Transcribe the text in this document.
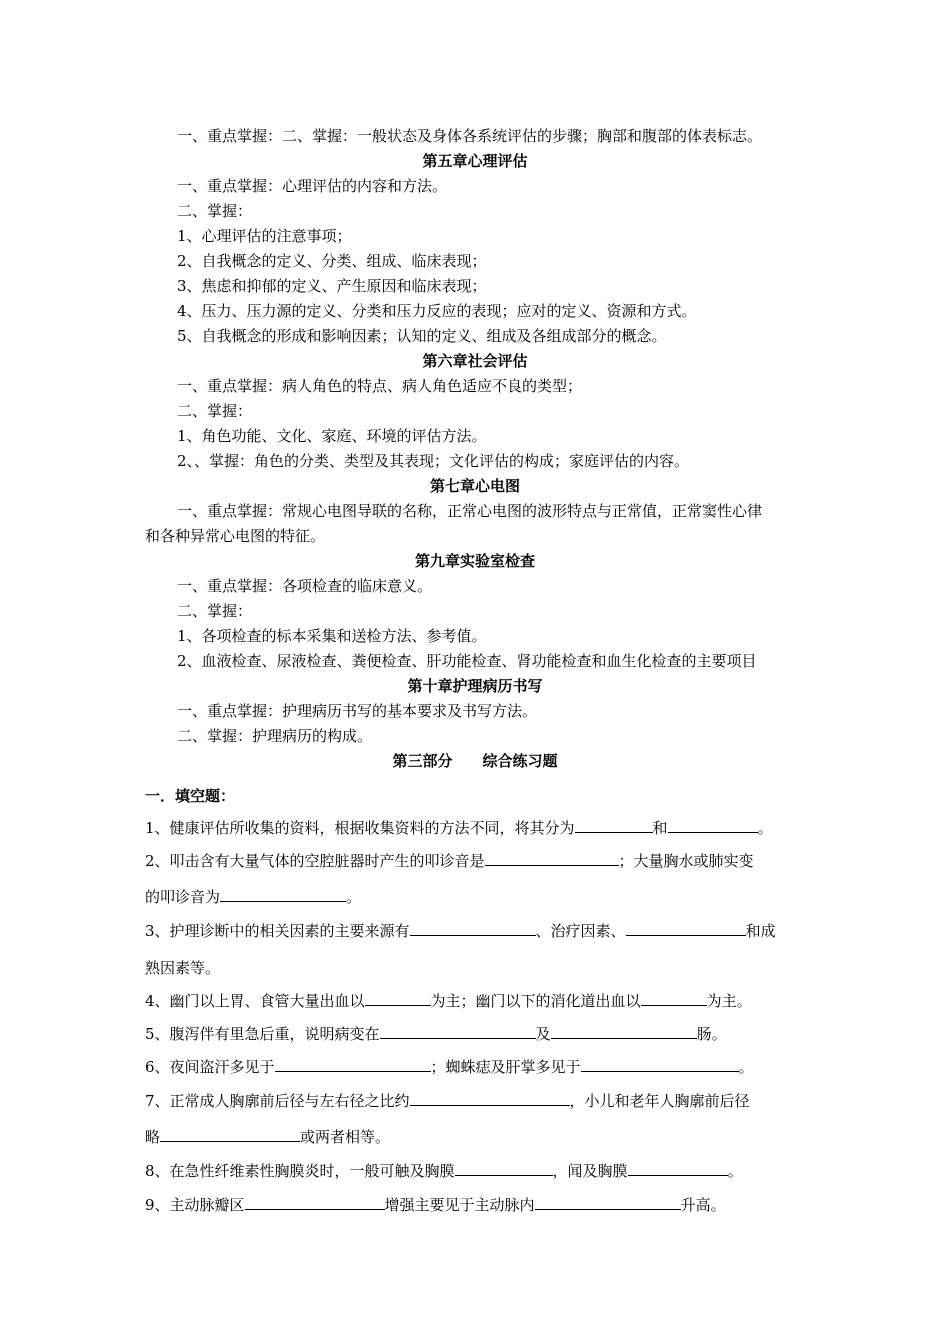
一、重点掌握：二、掌握：一般状态及身体各系统评估的步骤；胸部和腹部的体表标志。
第五章心理评估
一、重点掌握：心理评估的内容和方法。
二、掌握：
1、心理评估的注意事项；
2、自我概念的定义、分类、组成、临床表现；
3、焦虑和抑郁的定义、产生原因和临床表现；
4、压力、压力源的定义、分类和压力反应的表现；应对的定义、资源和方式。
5、自我概念的形成和影响因素；认知的定义、组成及各组成部分的概念。
第六章社会评估
一、重点掌握：病人角色的特点、病人角色适应不良的类型；
二、掌握：
1、角色功能、文化、家庭、环境的评估方法。
2、、掌握：角色的分类、类型及其表现；文化评估的构成；家庭评估的内容。
第七章心电图
一、重点掌握：常规心电图导联的名称，正常心电图的波形特点与正常值，正常窦性心律
和各种异常心电图的特征。
第九章实验室检查
一、重点掌握：各项检查的临床意义。
二、掌握：
1、各项检查的标本采集和送检方法、参考值。
2、血液检查、尿液检查、粪便检查、肝功能检查、肾功能检查和血生化检查的主要项目
第十章护理病历书写
一、重点掌握：护理病历书写的基本要求及书写方法。
二、掌握：护理病历的构成。
第三部分　　综合练习题
一．填空题：
1、健康评估所收集的资料，根据收集资料的方法不同，将其分为	和	。
2、叩击含有大量气体的空腔脏器时产生的叩诊音是	；大量胸水或肺实变
的叩诊音为	。
3、护理诊断中的相关因素的主要来源有	、治疗因素、	和成
熟因素等。
4、幽门以上胃、食管大量出血以	为主；幽门以下的消化道出血以	为主。
5、腹泻伴有里急后重，说明病变在	及	肠。
6、夜间盗汗多见于	；蜘蛛痣及肝掌多见于	。
7、正常成人胸廓前后径与左右径之比约	，小儿和老年人胸廓前后径
略	或两者相等。
8、在急性纤维素性胸膜炎时，一般可触及胸膜	，闻及胸膜	。
9、主动脉瓣区	增强主要见于主动脉内	升高。
